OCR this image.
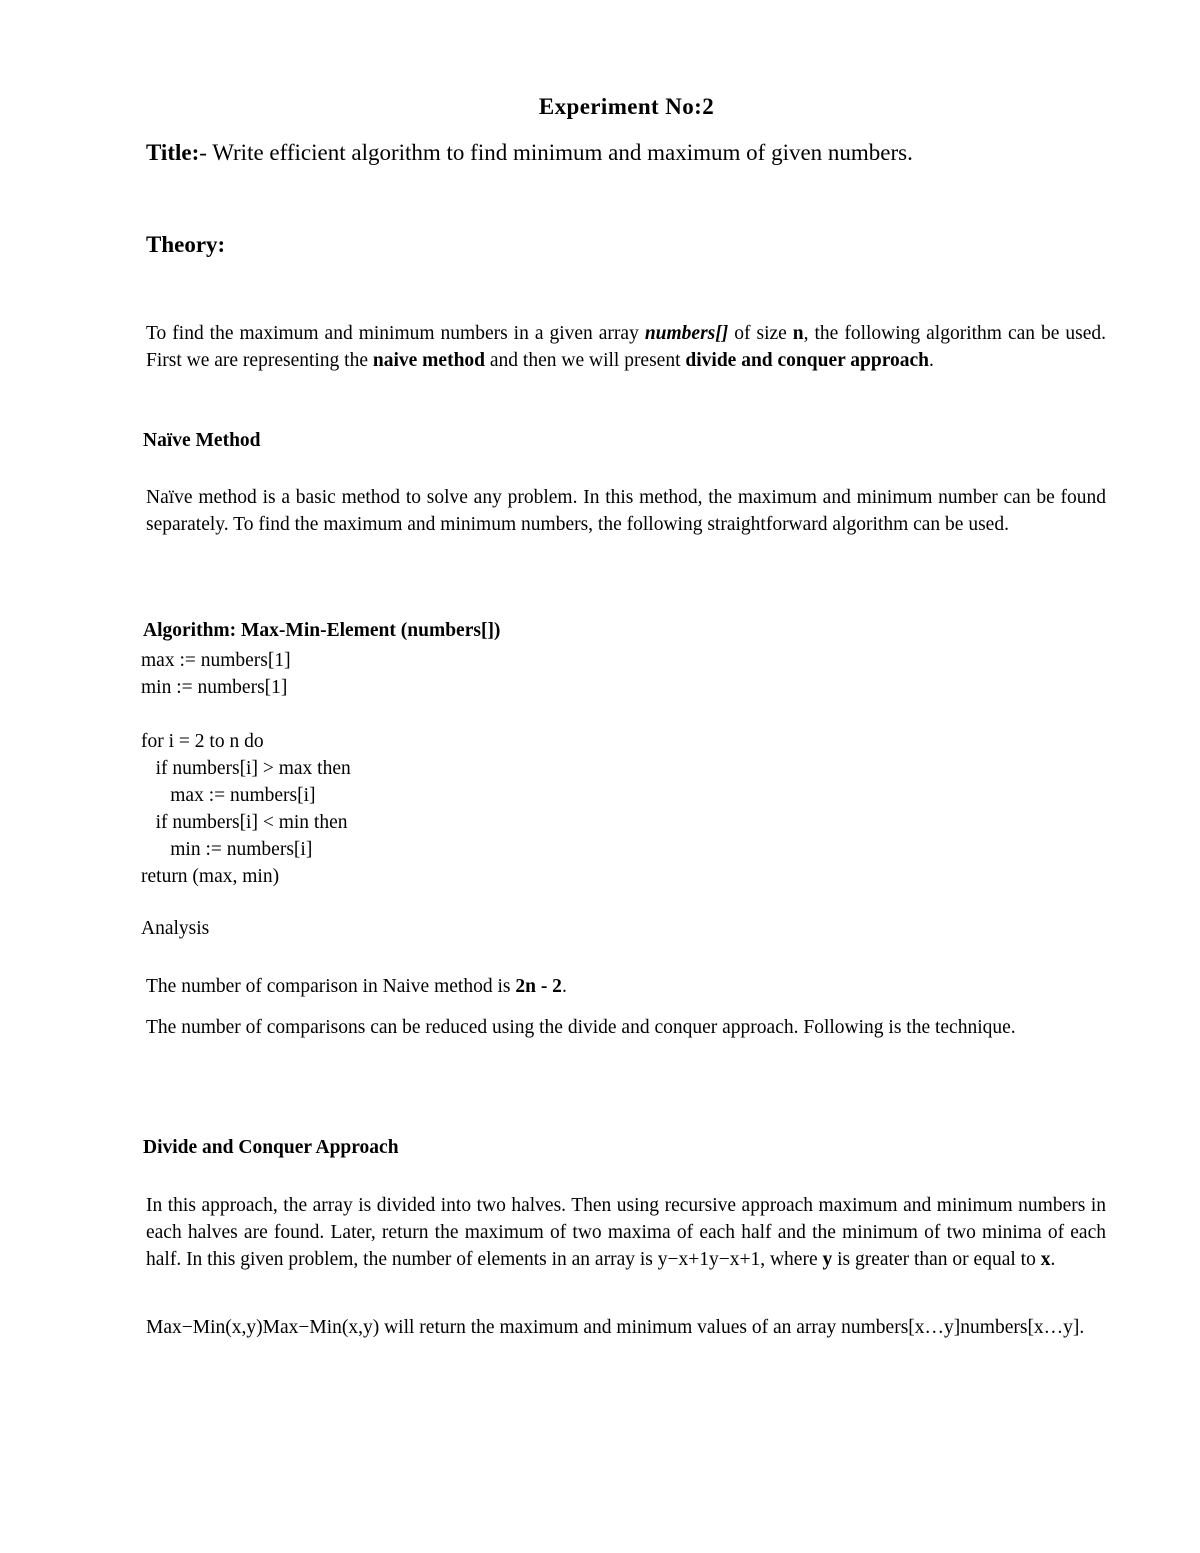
Experiment No:2
Title:- Write efficient algorithm to find minimum and maximum of given numbers.
Theory:

To find the maximum and minimum numbers in a given array numbers[] of size n, the following algorithm can be used. First we are representing the naive method and then we will present divide and conquer approach.

Naïve Method

Naïve method is a basic method to solve any problem. In this method, the maximum and minimum number can be found separately. To find the maximum and minimum numbers, the following straightforward algorithm can be used.

Algorithm: Max-Min-Element (numbers[])
max := numbers[1]
min := numbers[1]
for i = 2 to n do
if numbers[i] > max then
max := numbers[i]
if numbers[i] < min then
min := numbers[i]
return (max, min)
Analysis

The number of comparison in Naive method is 2n - 2.

The number of comparisons can be reduced using the divide and conquer approach. Following is the technique.

Divide and Conquer Approach

In this approach, the array is divided into two halves. Then using recursive approach maximum and minimum numbers in each halves are found. Later, return the maximum of two maxima of each half and the minimum of two minima of each half. In this given problem, the number of elements in an array is y−x+1y−x+1, where y is greater than or equal to x.

Max−Min(x,y)Max−Min(x,y) will return the maximum and minimum values of an array numbers[x…y]numbers[x…y].
